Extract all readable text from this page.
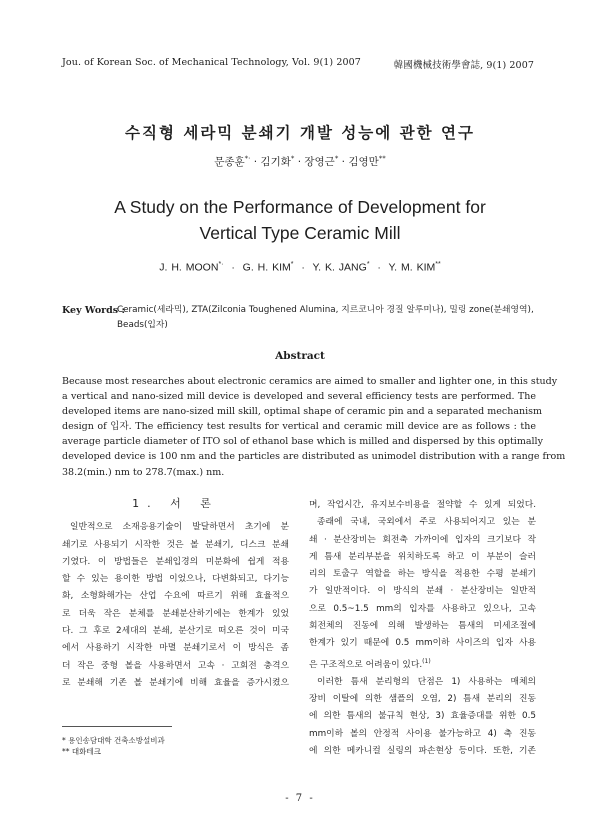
Jou. of Korean Soc. of Mechanical Technology, Vol. 9(1) 2007	韓國機械技術學會誌, 9(1) 2007
수직형 세라믹 분쇄기 개발 성능에 관한 연구
문종훈*· · 김기화* · 장영근* · 김영만**
A Study on the Performance of Development for
Vertical Type Ceramic Mill
J. H. MOON*·  ·  G. H. KIM*  ·  Y. K. JANG*  ·  Y. M. KIM**
Key Words :
Ceramic(세라믹), ZTA(Zilconia Toughened Alumina, 지르코니아 경질 알루미나), 밀링 zone(분쇄영역),
Beads(입자)
Abstract
Because most researches about electronic ceramics are aimed to smaller and lighter one, in this study
a vertical and nano-sized mill device is developed and several efficiency tests are performed. The
developed items are nano-sized mill skill, optimal shape of ceramic pin and a separated mechanism
design of 입자. The efficiency test results for vertical and ceramic mill device are as follows : the
average particle diameter of ITO sol of ethanol base which is milled and dispersed by this optimally
developed device is 100 nm and the particles are distributed as unimodel distribution with a range from
38.2(min.) nm to 278.7(max.) nm.
1. 서 론
일반적으로 소재응용기술이 발달하면서 초기에 분
쇄기로 사용되기 시작한 것은 볼 분쇄기, 디스크 분쇄
기였다. 이 방법들은 분쇄입경의 미분화에 쉽게 적용
할 수 있는 용이한 방법 이었으나, 다변화되고, 다기능
화, 소형화해가는 산업 수요에 따르기 위해 효율적으
로 더욱 작은 분체를 분쇄분산하기에는 한계가 있었
다. 그 후로 2세대의 분쇄, 분산기로 떠오른 것이 미국
에서 사용하기 시작한 마멸 분쇄기로서 이 방식은 좀
더 작은 중형 볼을 사용하면서 고속 · 고회전 충격으
로 분쇄해 기존 볼 분쇄기에 비해 효율을 증가시켰으
며, 작업시간, 유지보수비용을 절약할 수 있게 되었다.
종래에 국내, 국외에서 주로 사용되어지고 있는 분
쇄 · 분산장비는 회전축 가까이에 입자의 크기보다 작
게 틈새 분리부분을 위치하도록 하고 이 부분이 슬러
리의 토출구 역할을 하는 방식을 적용한 수평 분쇄기
가 일반적이다. 이 방식의 분쇄 · 분산장비는 일반적
으로 0.5~1.5 mm의 입자를 사용하고 있으나, 고속
회전체의 진동에 의해 발생하는 틈새의 미세조절에
한계가 있기 때문에 0.5 mm이하 사이즈의 입자 사용
은 구조적으로 어려움이 있다.$^{(1)}$
이러한 틈새 분리형의 단점은 1) 사용하는 매체의
장비 이탈에 의한 샘플의 오염, 2) 틈새 분리의 진동
에 의한 틈새의 불규칙 현상, 3) 효율증대를 위한 0.5
mm이하 볼의 안정적 사이용 불가능하고 4) 축 진동
에 의한 메카니컬 실링의 파손현상 등이다. 또한, 기존
* 용인송담대학 건축소방설비과
** 대화테크
- 7 -
